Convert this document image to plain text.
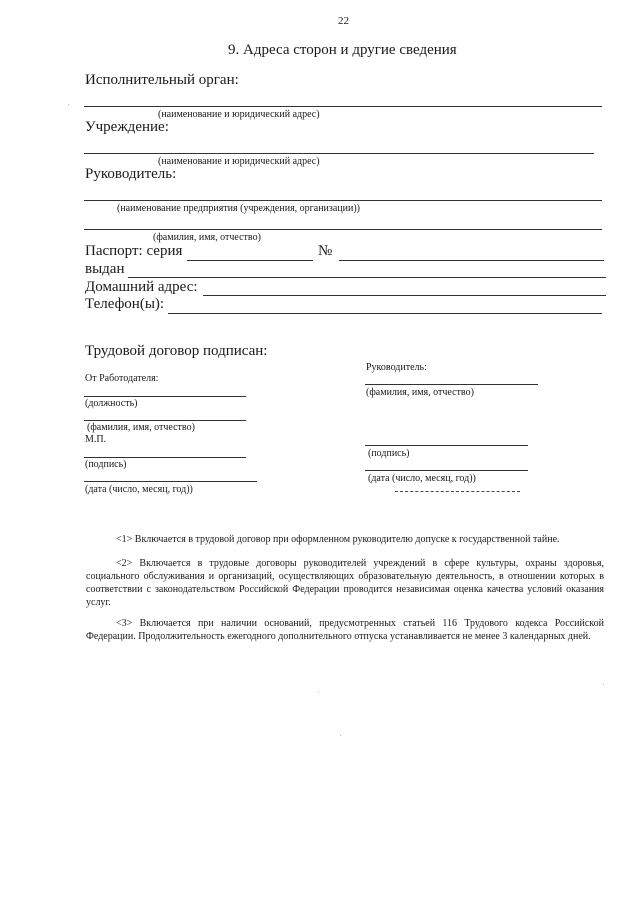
22
9. Адреса сторон и другие сведения
Исполнительный орган:
(наименование и юридический адрес)
Учреждение:
(наименование и юридический адрес)
Руководитель:
(наименование предприятия (учреждения, организации))
(фамилия, имя, отчество)
Паспорт: серия	№
выдан
Домашний адрес:
Телефон(ы):
Трудовой договор подписан:
От Работодателя:
(должность)
(фамилия, имя, отчество)
М.П.
(подпись)
(дата (число, месяц, год))
Руководитель:
(фамилия, имя, отчество)
(подпись)
(дата (число, месяц, год))
<1> Включается в трудовой договор при оформленном руководителю допуске к государственной тайне.
<2> Включается в трудовые договоры руководителей учреждений в сфере культуры, охраны здоровья, социального обслуживания и организаций, осуществляющих образовательную деятельность, в отношении которых в соответствии с законодательством Российской Федерации проводится независимая оценка качества условий оказания услуг.
<3> Включается при наличии оснований, предусмотренных статьей 116 Трудового кодекса Российской Федерации. Продолжительность ежегодного дополнительного отпуска устанавливается не менее 3 календарных дней.
